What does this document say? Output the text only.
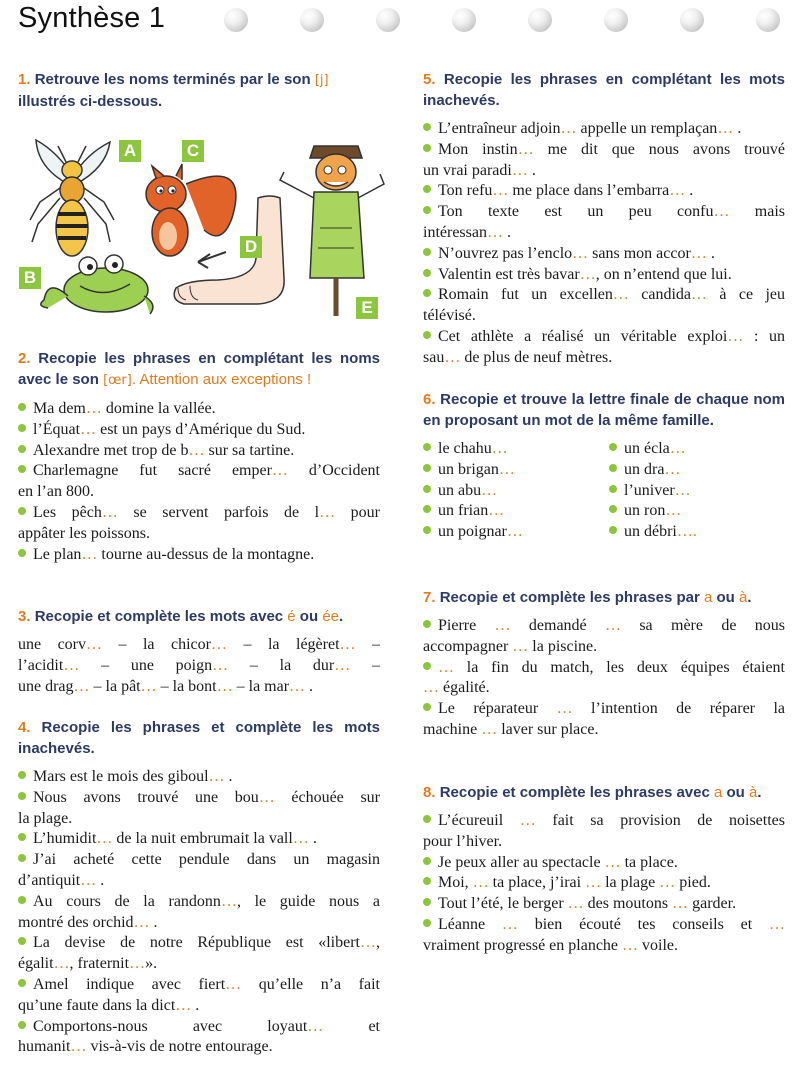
Synthèse 1
1. Retrouve les noms terminés par le son [j]
illustrés ci-dessous.
A
B
C
D
E
2. Recopie les phrases en complétant les noms avec le son [œr]. Attention aux exceptions !
Ma dem… domine la vallée.
l’Équat… est un pays d’Amérique du Sud.
Alexandre met trop de b… sur sa tartine.
Charlemagne fut sacré emper… d’Occident
en l’an 800.
Les pêch… se servent parfois de l… pour
appâter les poissons.
Le plan… tourne au-dessus de la montagne.
3. Recopie et complète les mots avec é ou ée.
une corv… – la chicor… – la légèret… –
l’acidit… – une poign… – la dur… –
une drag… – la pât… – la bont… – la mar… .
4. Recopie les phrases et complète les mots inachevés.
Mars est le mois des giboul… .
Nous avons trouvé une bou… échouée sur
la plage.
L’humidit… de la nuit embrumait la vall… .
J’ai acheté cette pendule dans un magasin
d’antiquit… .
Au cours de la randonn…, le guide nous a
montré des orchid… .
La devise de notre République est «libert…,
égalit…, fraternit…».
Amel indique avec fiert… qu’elle n’a fait
qu’une faute dans la dict… .
Comportons-nous avec loyaut… et
humanit… vis-à-vis de notre entourage.
5. Recopie les phrases en complétant les mots inachevés.
L’entraîneur adjoin… appelle un remplaçan… .
Mon instin… me dit que nous avons trouvé
un vrai paradi… .
Ton refu… me place dans l’embarra… .
Ton texte est un peu confu… mais
intéressan… .
N’ouvrez pas l’enclo… sans mon accor… .
Valentin est très bavar…, on n’entend que lui.
Romain fut un excellen… candida… à ce jeu
télévisé.
Cet athlète a réalisé un véritable exploi… : un
sau… de plus de neuf mètres.
6. Recopie et trouve la lettre finale de chaque nom en proposant un mot de la même famille.
le chahu…
un brigan…
un abu…
un frian…
un poignar…
un écla…
un dra…
l’univer…
un ron…
un débri….
7. Recopie et complète les phrases par a ou à.
Pierre … demandé … sa mère de nous
accompagner … la piscine.
… la fin du match, les deux équipes étaient
… égalité.
Le réparateur … l’intention de réparer la
machine … laver sur place.
8. Recopie et complète les phrases avec a ou à.
L’écureuil … fait sa provision de noisettes
pour l’hiver.
Je peux aller au spectacle … ta place.
Moi, … ta place, j’irai … la plage … pied.
Tout l’été, le berger … des moutons … garder.
Léanne … bien écouté tes conseils et …
vraiment progressé en planche … voile.
